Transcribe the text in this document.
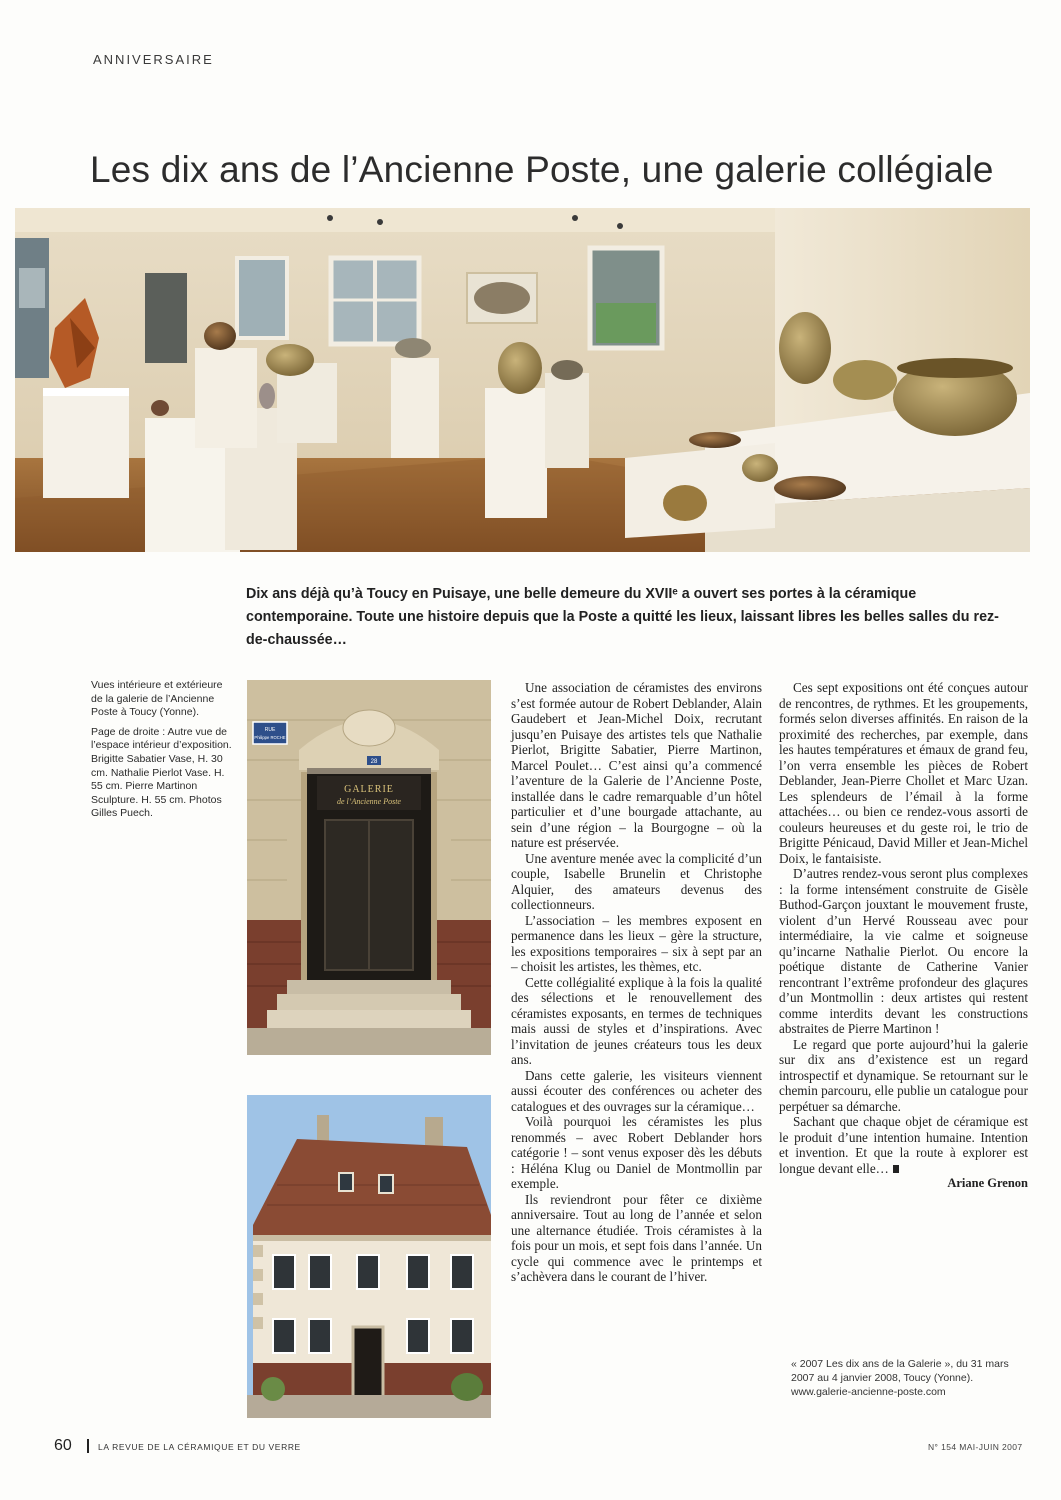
ANNIVERSAIRE
Les dix ans de l’Ancienne Poste, une galerie collégiale
Dix ans déjà qu’à Toucy en Puisaye, une belle demeure du XVIIᵉ a ouvert ses portes à la céramique contemporaine. Toute une histoire depuis que la Poste a quitté les lieux, laissant libres les belles salles du rez-de-chaussée…

Vues intérieure et extérieure de la galerie de l’Ancienne Poste à Toucy (Yonne).

Page de droite : Autre vue de l’espace intérieur d’exposition. Brigitte Sabatier Vase, H. 30 cm. Nathalie Pierlot Vase. H. 55 cm. Pierre Martinon Sculpture. H. 55 cm. Photos Gilles Puech.

RUE
Philippe ROCHE
28
GALERIE
de l’Ancienne Poste

Une association de céramistes des environs s’est formée autour de Robert Deblander, Alain Gaudebert et Jean-Michel Doix, recrutant jusqu’en Puisaye des artistes tels que Nathalie Pierlot, Brigitte Sabatier, Pierre Martinon, Marcel Poulet… C’est ainsi qu’a commencé l’aventure de la Galerie de l’Ancienne Poste, installée dans le cadre remarquable d’un hôtel particulier et d’une bourgade attachante, au sein d’une région – la Bourgogne – où la nature est préservée.

Une aventure menée avec la complicité d’un couple, Isabelle Brunelin et Christophe Alquier, des amateurs devenus des collectionneurs.

L’association – les membres exposent en permanence dans les lieux – gère la structure, les expositions temporaires – six à sept par an – choisit les artistes, les thèmes, etc.

Cette collégialité explique à la fois la qualité des sélections et le renouvellement des céramistes exposants, en termes de techniques mais aussi de styles et d’inspirations. Avec l’invitation de jeunes créateurs tous les deux ans.

Dans cette galerie, les visiteurs viennent aussi écouter des conférences ou acheter des catalogues et des ouvrages sur la céramique…

Voilà pourquoi les céramistes les plus renommés – avec Robert Deblander hors catégorie ! – sont venus exposer dès les débuts : Héléna Klug ou Daniel de Montmollin par exemple.

Ils reviendront pour fêter ce dixième anniversaire. Tout au long de l’année et selon une alternance étudiée. Trois céramistes à la fois pour un mois, et sept fois dans l’année. Un cycle qui commence avec le printemps et s’achèvera dans le courant de l’hiver.

Ces sept expositions ont été conçues autour de rencontres, de rythmes. Et les groupements, formés selon diverses affinités. En raison de la proximité des recherches, par exemple, dans les hautes températures et émaux de grand feu, l’on verra ensemble les pièces de Robert Deblander, Jean-Pierre Chollet et Marc Uzan. Les splendeurs de l’émail à la forme attachées… ou bien ce rendez-vous assorti de couleurs heureuses et du geste roi, le trio de Brigitte Pénicaud, David Miller et Jean-Michel Doix, le fantaisiste.

D’autres rendez-vous seront plus complexes : la forme intensément construite de Gisèle Buthod-Garçon jouxtant le mouvement fruste, violent d’un Hervé Rousseau avec pour intermédiaire, la vie calme et soigneuse qu’incarne Nathalie Pierlot. Ou encore la poétique distante de Catherine Vanier rencontrant l’extrême profondeur des glaçures d’un Montmollin : deux artistes qui restent comme interdits devant les constructions abstraites de Pierre Martinon !

Le regard que porte aujourd’hui la galerie sur dix ans d’existence est un regard introspectif et dynamique. Se retournant sur le chemin parcouru, elle publie un catalogue pour perpétuer sa démarche.

Sachant que chaque objet de céramique est le produit d’une intention humaine. Intention et invention. Et que la route à explorer est longue devant elle…

Ariane Grenon

« 2007 Les dix ans de la Galerie », du 31 mars 2007 au 4 janvier 2008, Toucy (Yonne). www.galerie-ancienne-poste.com
60	LA REVUE DE LA CÉRAMIQUE ET DU VERRE	N° 154 MAI-JUIN 2007
